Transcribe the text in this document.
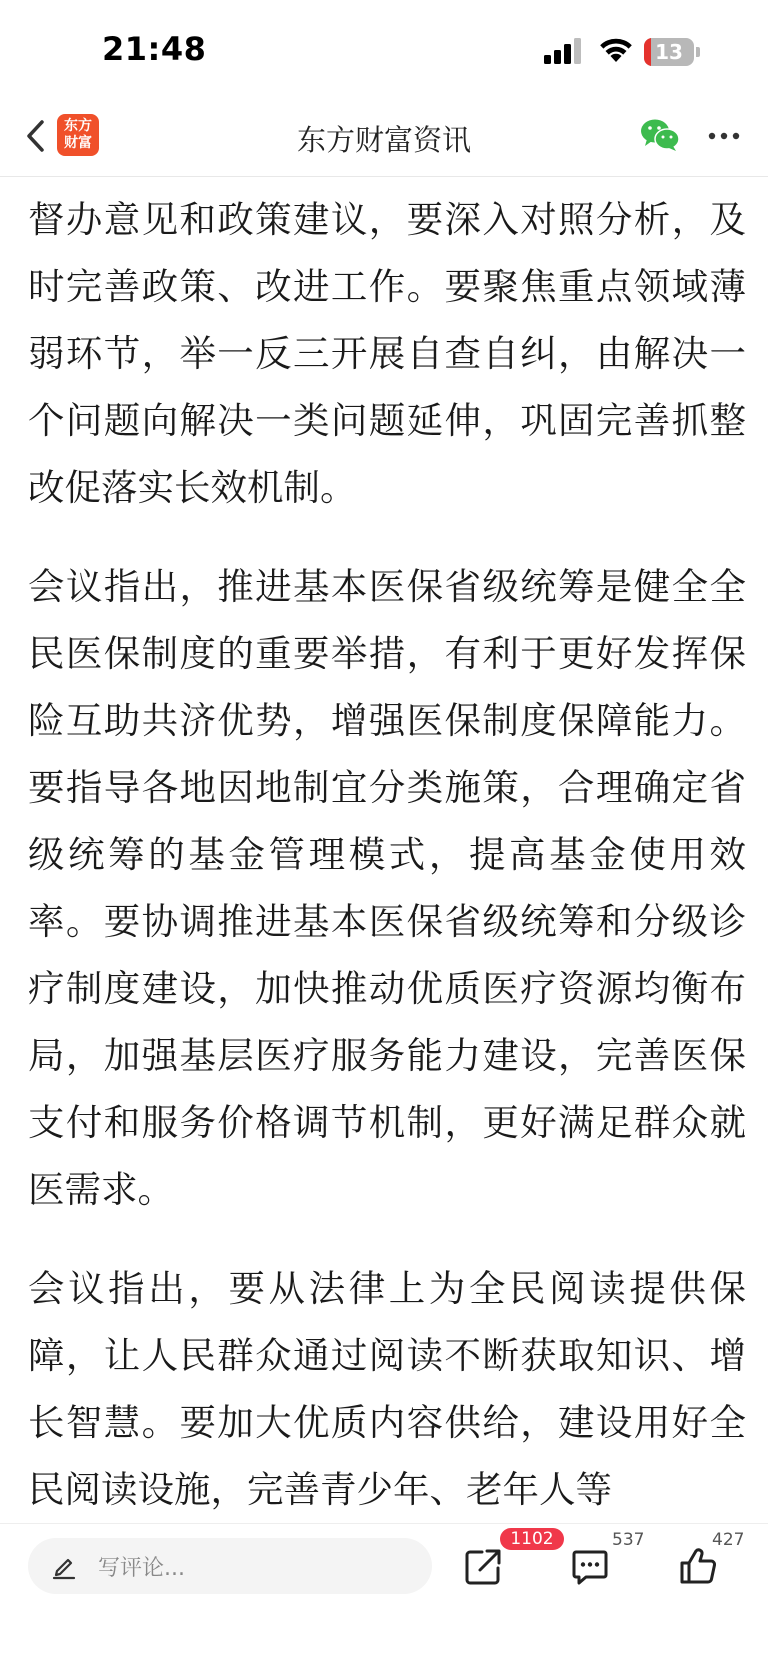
21:48	13
东方
财富	东方财富资讯

督办意见和政策建议，要深入对照分析，及时完善政策、改进工作。要聚焦重点领域薄弱环节，举一反三开展自查自纠，由解决一个问题向解决一类问题延伸，巩固完善抓整改促落实长效机制。

会议指出，推进基本医保省级统筹是健全全民医保制度的重要举措，有利于更好发挥保险互助共济优势，增强医保制度保障能力。要指导各地因地制宜分类施策，合理确定省级统筹的基金管理模式，提高基金使用效率。要协调推进基本医保省级统筹和分级诊疗制度建设，加快推动优质医疗资源均衡布局，加强基层医疗服务能力建设，完善医保支付和服务价格调节机制，更好满足群众就医需求。

会议指出，要从法律上为全民阅读提供保障，让人民群众通过阅读不断获取知识、增长智慧。要加大优质内容供给，建设用好全民阅读设施，完善青少年、老年人等

写评论...
1102	537	427
